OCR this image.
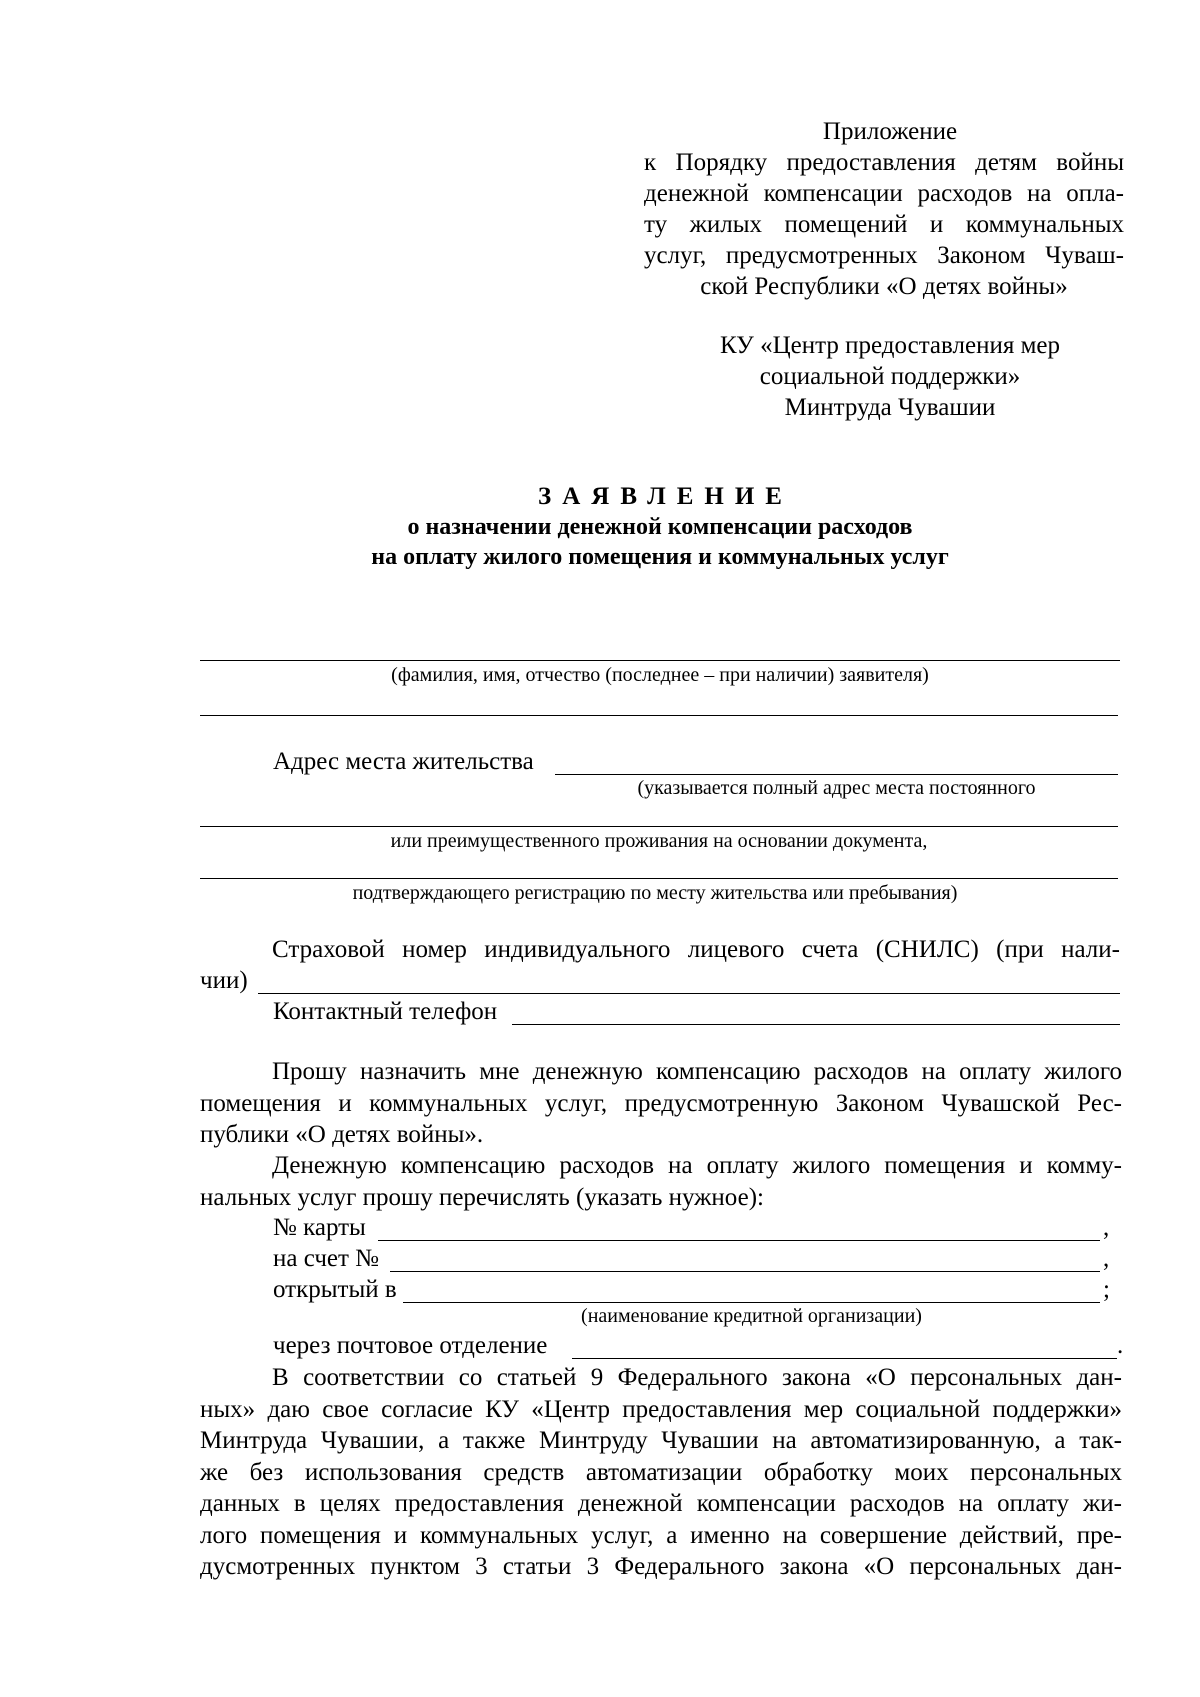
Приложение
к Порядку предоставления детям войны
денежной компенсации расходов на опла-
ту жилых помещений и коммунальных
услуг, предусмотренных Законом Чуваш-
ской Республики «О детях войны»
КУ «Центр предоставления мер
социальной поддержки»
Минтруда Чувашии
ЗАЯВЛЕНИЕ
о назначении денежной компенсации расходов
на оплату жилого помещения и коммунальных услуг
(фамилия, имя, отчество (последнее – при наличии) заявителя)
Адрес места жительства
(указывается полный адрес места постоянного
или преимущественного проживания на основании документа,
подтверждающего регистрацию по месту жительства или пребывания)
Страховой номер индивидуального лицевого счета (СНИЛС) (при нали-
чии)
Контактный телефон
Прошу назначить мне денежную компенсацию расходов на оплату жилого
помещения и коммунальных услуг, предусмотренную Законом Чувашской Рес-
публики «О детях войны».
Денежную компенсацию расходов на оплату жилого помещения и комму-
нальных услуг прошу перечислять (указать нужное):
№ карты	,
на счет №	,
открытый в	;
(наименование кредитной организации)
через почтовое отделение	.
В соответствии со статьей 9 Федерального закона «О персональных дан-
ных» даю свое согласие КУ «Центр предоставления мер социальной поддержки»
Минтруда Чувашии, а также Минтруду Чувашии на автоматизированную, а так-
же без использования средств автоматизации обработку моих персональных
данных в целях предоставления денежной компенсации расходов на оплату жи-
лого помещения и коммунальных услуг, а именно на совершение действий, пре-
дусмотренных пунктом 3 статьи 3 Федерального закона «О персональных дан-
